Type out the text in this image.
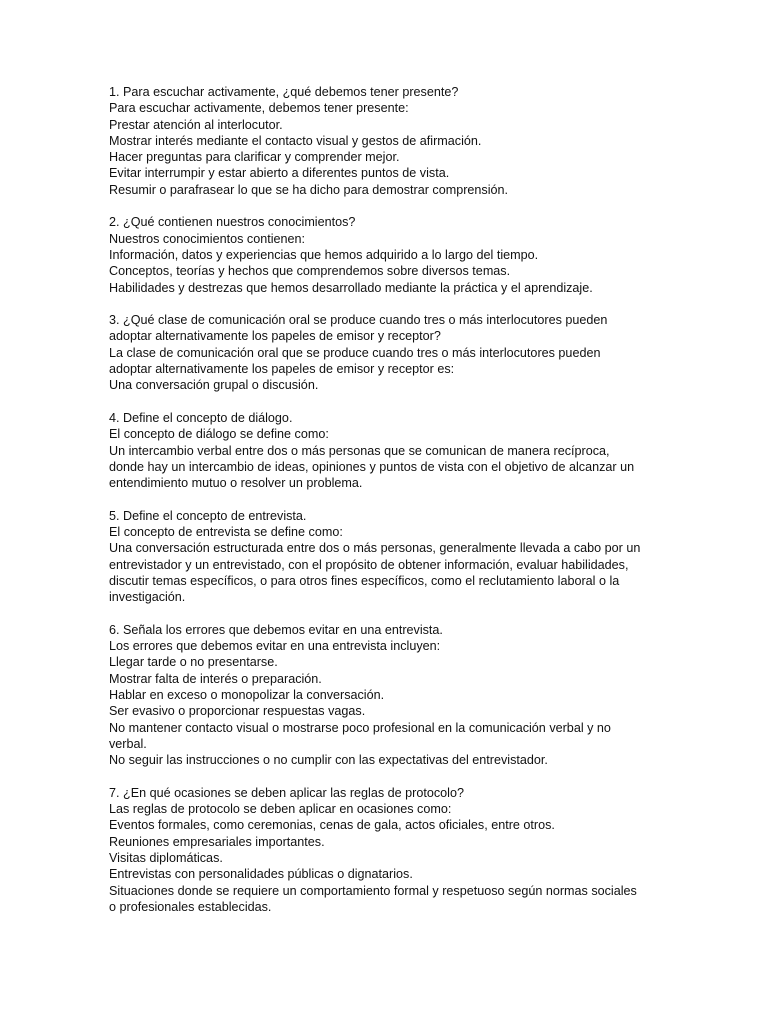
1. Para escuchar activamente, ¿qué debemos tener presente?
Para escuchar activamente, debemos tener presente:
Prestar atención al interlocutor.
Mostrar interés mediante el contacto visual y gestos de afirmación.
Hacer preguntas para clarificar y comprender mejor.
Evitar interrumpir y estar abierto a diferentes puntos de vista.
Resumir o parafrasear lo que se ha dicho para demostrar comprensión.
2. ¿Qué contienen nuestros conocimientos?
Nuestros conocimientos contienen:
Información, datos y experiencias que hemos adquirido a lo largo del tiempo.
Conceptos, teorías y hechos que comprendemos sobre diversos temas.
Habilidades y destrezas que hemos desarrollado mediante la práctica y el aprendizaje.
3. ¿Qué clase de comunicación oral se produce cuando tres o más interlocutores pueden
adoptar alternativamente los papeles de emisor y receptor?
La clase de comunicación oral que se produce cuando tres o más interlocutores pueden
adoptar alternativamente los papeles de emisor y receptor es:
Una conversación grupal o discusión.
4. Define el concepto de diálogo.
El concepto de diálogo se define como:
Un intercambio verbal entre dos o más personas que se comunican de manera recíproca,
donde hay un intercambio de ideas, opiniones y puntos de vista con el objetivo de alcanzar un
entendimiento mutuo o resolver un problema.
5. Define el concepto de entrevista.
El concepto de entrevista se define como:
Una conversación estructurada entre dos o más personas, generalmente llevada a cabo por un
entrevistador y un entrevistado, con el propósito de obtener información, evaluar habilidades,
discutir temas específicos, o para otros fines específicos, como el reclutamiento laboral o la
investigación.
6. Señala los errores que debemos evitar en una entrevista.
Los errores que debemos evitar en una entrevista incluyen:
Llegar tarde o no presentarse.
Mostrar falta de interés o preparación.
Hablar en exceso o monopolizar la conversación.
Ser evasivo o proporcionar respuestas vagas.
No mantener contacto visual o mostrarse poco profesional en la comunicación verbal y no
verbal.
No seguir las instrucciones o no cumplir con las expectativas del entrevistador.
7. ¿En qué ocasiones se deben aplicar las reglas de protocolo?
Las reglas de protocolo se deben aplicar en ocasiones como:
Eventos formales, como ceremonias, cenas de gala, actos oficiales, entre otros.
Reuniones empresariales importantes.
Visitas diplomáticas.
Entrevistas con personalidades públicas o dignatarios.
Situaciones donde se requiere un comportamiento formal y respetuoso según normas sociales
o profesionales establecidas.
